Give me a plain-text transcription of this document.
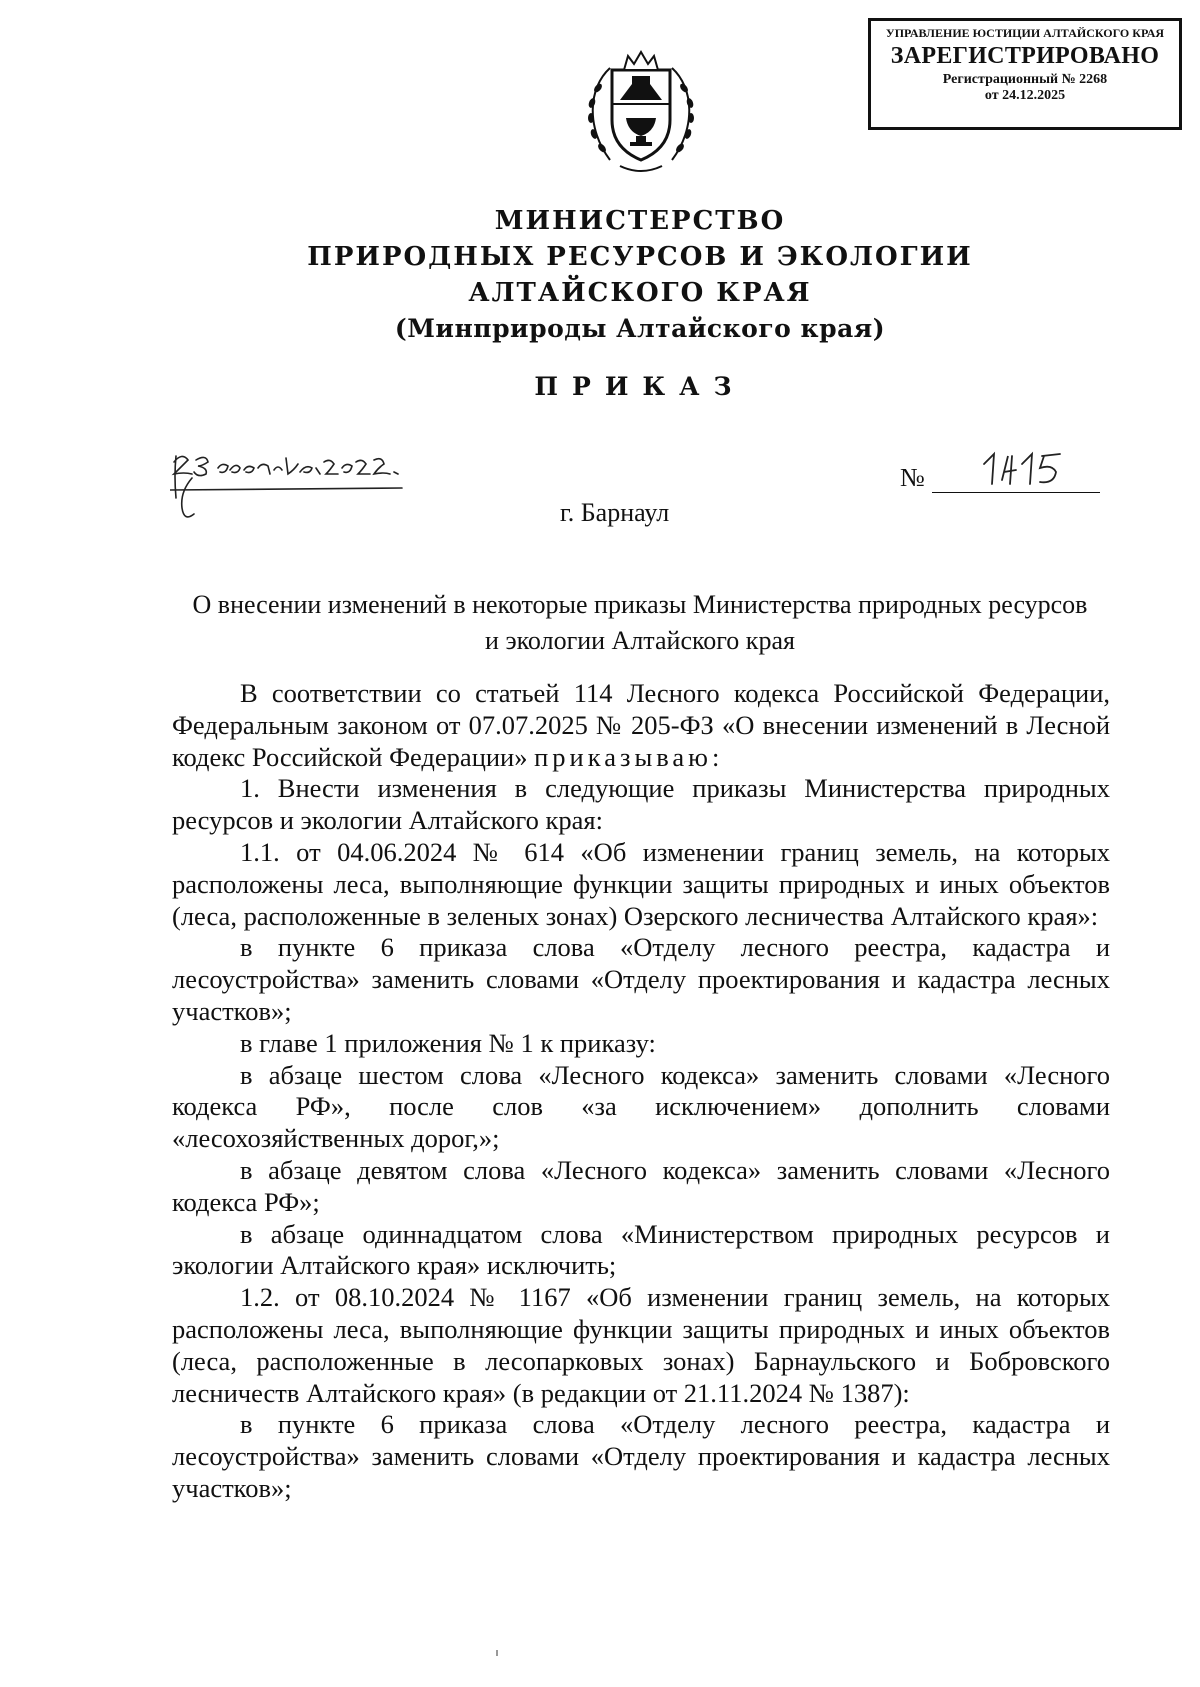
УПРАВЛЕНИЕ ЮСТИЦИИ АЛТАЙСКОГО КРАЯ
ЗАРЕГИСТРИРОВАНО
Регистрационный № 2268
от 24.12.2025
МИНИСТЕРСТВО
ПРИРОДНЫХ РЕСУРСОВ И ЭКОЛОГИИ
АЛТАЙСКОГО КРАЯ
(Минприроды Алтайского края)
ПРИКАЗ
№
г. Барнаул
О внесении изменений в некоторые приказы Министерства природных ресурсов и экологии Алтайского края

В соответствии со статьей 114 Лесного кодекса Российской Федерации, Федеральным законом от 07.07.2025 № 205-ФЗ «О внесении изменений в Лесной кодекс Российской Федерации» приказываю:

1. Внести изменения в следующие приказы Министерства природных ресурсов и экологии Алтайского края:

1.1. от 04.06.2024 № 614 «Об изменении границ земель, на которых расположены леса, выполняющие функции защиты природных и иных объектов (леса, расположенные в зеленых зонах) Озерского лесничества Алтайского края»:

в пункте 6 приказа слова «Отделу лесного реестра, кадастра и лесоустройства» заменить словами «Отделу проектирования и кадастра лесных участков»;

в главе 1 приложения № 1 к приказу:

в абзаце шестом слова «Лесного кодекса» заменить словами «Лесного кодекса РФ», после слов «за исключением» дополнить словами «лесохозяйственных дорог,»;

в абзаце девятом слова «Лесного кодекса» заменить словами «Лесного кодекса РФ»;

в абзаце одиннадцатом слова «Министерством природных ресурсов и экологии Алтайского края» исключить;

1.2. от 08.10.2024 № 1167 «Об изменении границ земель, на которых расположены леса, выполняющие функции защиты природных и иных объектов (леса, расположенные в лесопарковых зонах) Барнаульского и Бобровского лесничеств Алтайского края» (в редакции от 21.11.2024 № 1387):

в пункте 6 приказа слова «Отделу лесного реестра, кадастра и лесоустройства» заменить словами «Отделу проектирования и кадастра лесных участков»;
